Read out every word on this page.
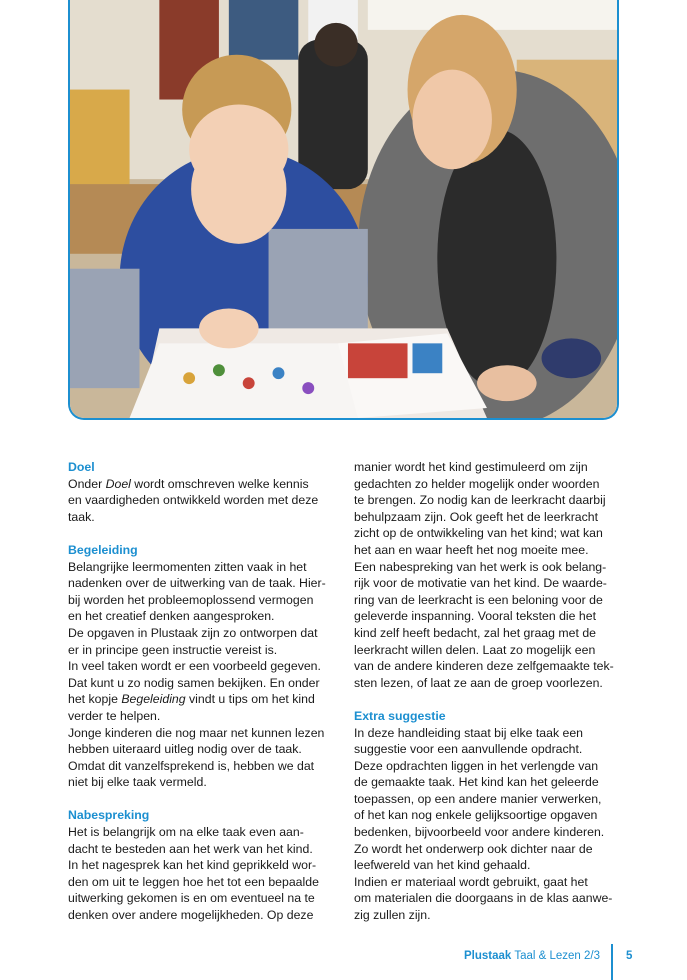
Doel

Onder Doel wordt omschreven welke kennis

en vaardigheden ontwikkeld worden met deze

taak.

Begeleiding

Belangrijke leermomenten zitten vaak in het

nadenken over de uitwerking van de taak. Hier-

bij worden het probleemoplossend vermogen

en het creatief denken aangesproken.

De opgaven in Plustaak zijn zo ontworpen dat

er in principe geen instructie vereist is.

In veel taken wordt er een voorbeeld gegeven.

Dat kunt u zo nodig samen bekijken. En onder

het kopje Begeleiding vindt u tips om het kind

verder te helpen.

Jonge kinderen die nog maar net kunnen lezen

hebben uiteraard uitleg nodig over de taak.

Omdat dit vanzelfsprekend is, hebben we dat

niet bij elke taak vermeld.

Nabespreking

Het is belangrijk om na elke taak even aan-

dacht te besteden aan het werk van het kind.

In het nagesprek kan het kind geprikkeld wor-

den om uit te leggen hoe het tot een bepaalde

uitwerking gekomen is en om eventueel na te

denken over andere mogelijkheden. Op deze

manier wordt het kind gestimuleerd om zijn

gedachten zo helder mogelijk onder woorden

te brengen. Zo nodig kan de leerkracht daarbij

behulpzaam zijn. Ook geeft het de leerkracht

zicht op de ontwikkeling van het kind; wat kan

het aan en waar heeft het nog moeite mee.

Een nabespreking van het werk is ook belang-

rijk voor de motivatie van het kind. De waarde-

ring van de leerkracht is een beloning voor de

geleverde inspanning. Vooral teksten die het

kind zelf heeft bedacht, zal het graag met de

leerkracht willen delen. Laat zo mogelijk een

van de andere kinderen deze zelfgemaakte tek-

sten lezen, of laat ze aan de groep voorlezen.

Extra suggestie

In deze handleiding staat bij elke taak een

suggestie voor een aanvullende opdracht.

Deze opdrachten liggen in het verlengde van

de gemaakte taak. Het kind kan het geleerde

toepassen, op een andere manier verwerken,

of het kan nog enkele gelijksoortige opgaven

bedenken, bijvoorbeeld voor andere kinderen.

Zo wordt het onderwerp ook dichter naar de

leefwereld van het kind gehaald.

Indien er materiaal wordt gebruikt, gaat het

om materialen die doorgaans in de klas aanwe-

zig zullen zijn.

Plustaak Taal & Lezen 2/3 5
